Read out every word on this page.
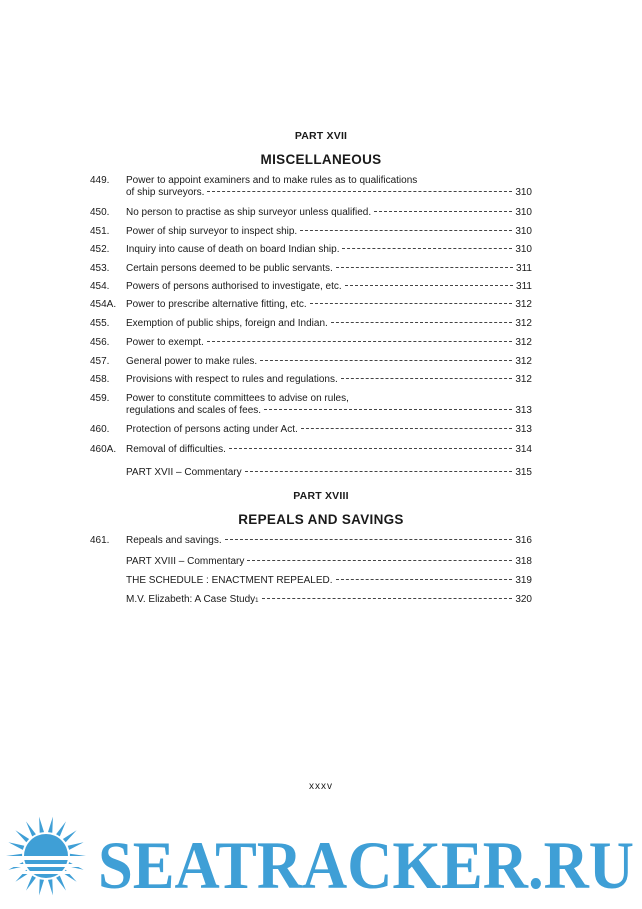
PART XVII
MISCELLANEOUS
449. Power to appoint examiners and to make rules as to qualifications
of ship surveyors.	310
450. No person to practise as ship surveyor unless qualified.	310
451. Power of ship surveyor to inspect ship.	310
452. Inquiry into cause of death on board Indian ship.	310
453. Certain persons deemed to be public servants.	311
454. Powers of persons authorised to investigate, etc.	311
454A. Power to prescribe alternative fitting, etc.	312
455. Exemption of public ships, foreign and Indian.	312
456. Power to exempt.	312
457. General power to make rules.	312
458. Provisions with respect to rules and regulations.	312
459. Power to constitute committees to advise on rules,
regulations and scales of fees.	313
460. Protection of persons acting under Act.	313
460A. Removal of difficulties.	314
PART XVII – Commentary	315
PART XVIII
REPEALS AND SAVINGS
461. Repeals and savings.	316
PART XVIII – Commentary	318
THE SCHEDULE : ENACTMENT REPEALED.	319
M.V. Elizabeth: A Case Study 1	320
xxxv
SEATRACKER.RU
